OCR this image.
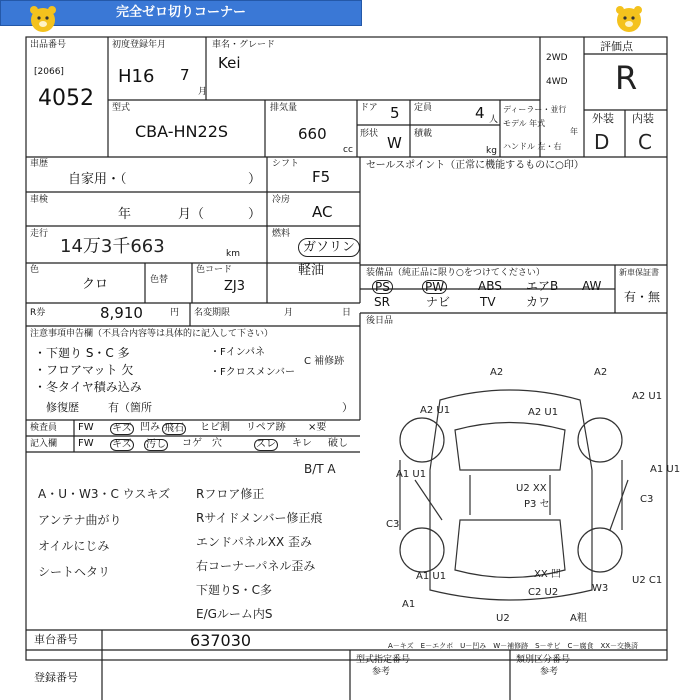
完全ゼロ切りコーナー
出品番号
[2066]
4052
初度登録年月
H16 7
月
車名・グレード
Kei	2WD
4WD
評価点
R
外装 内装
D C
型式
CBA-HN22S
排気量
660
cc
ドア 5 定員	4 人
形状 W 積載
kg
ディーラー・並行
モデル 年式
年
ハンドル 左・右
車歴
自家用・（	）
シフト
F5
セールスポイント（正常に機能するものに○印）
車検
年	月（	）
冷房
AC
走行
14万3千663	km
燃料
ガソリン
軽油
色
クロ	色替
色コード
ZJ3
R券	8,910	円 名変期限	月	日
装備品（純正品に限り○をつけてください）	新車保証書
有・無
PS	PW	ABS エアB AW
SR	ナビ TV	カワ
後日品
注意事項申告欄（不具合内容等は具体的に記入して下さい）
・下廻り S・C 多
・フロアマット 欠
・冬タイヤ積み込み
・Fインパネ
・Fクロスメンバー
C 補修跡
修復歴	有（箇所	）
検査員
記入欄
FW キズ 凹み 飛石 ヒビ割 リペア跡 ×要
FW キズ 汚し コゲ 穴	スレ キレ 破し
B/T A
A・U・W3・C ウスキズ
アンテナ曲がり
オイルにじみ
シートヘタリ
Rフロア修正
Rサイドメンバー修正痕
エンドパネルXX 歪み
右コーナーパネル歪み
下廻りS・C多
E/Gルーム内S
A2	A2
A2 U1	A2 U1
A2 U1
A1 U1	A1 U1
C3
C3
U2 XX
P3 セ
XX 凹
C2 U2	W3
U2 C1
A1 U1
A1
U2	A粗
A－キズ　E－エクボ　U－凹み　W－補修跡　S－サビ　C－腐食　XX－交換済
車台番号	637030
登録番号
型式指定番号
参考
類別区分番号
参考
